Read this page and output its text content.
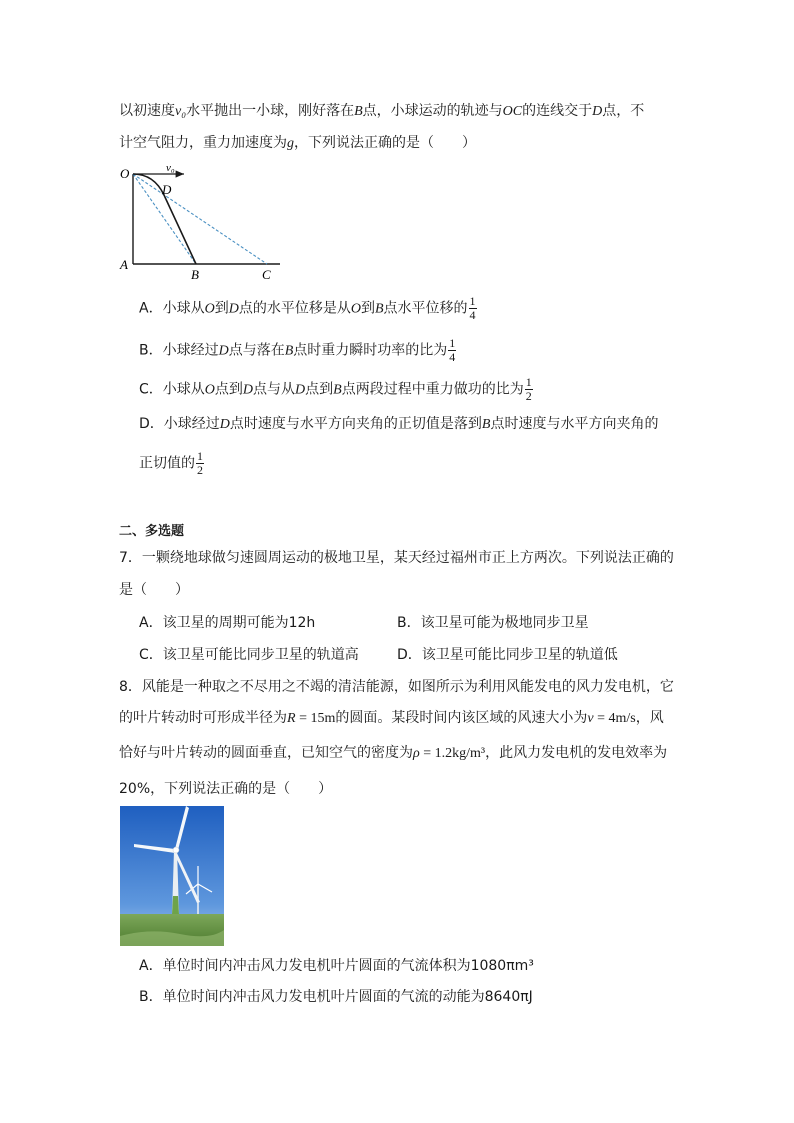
以初速度v₀水平抛出一小球，刚好落在B点，小球运动的轨迹与OC的连线交于D点，不
计空气阻力，重力加速度为g，下列说法正确的是（　　）
O
A
B	C
D
v₀
A．小球从O到D点的水平位移是从O到B点水平位移的 $\frac{1}{4}$
B．小球经过D点与落在B点时重力瞬时功率的比为 $\frac{1}{4}$
C．小球从O点到D点与从D点到B点两段过程中重力做功的比为 $\frac{1}{2}$
D．小球经过D点时速度与水平方向夹角的正切值是落到B点时速度与水平方向夹角的
正切值的 $\frac{1}{2}$
二、多选题
7．一颗绕地球做匀速圆周运动的极地卫星，某天经过福州市正上方两次。下列说法正确的
是（　　）
A．该卫星的周期可能为12h	B．该卫星可能为极地同步卫星
C．该卫星可能比同步卫星的轨道高	D．该卫星可能比同步卫星的轨道低
8．风能是一种取之不尽用之不竭的清洁能源，如图所示为利用风能发电的风力发电机，它
的叶片转动时可形成半径为R = 15m的圆面。某段时间内该区域的风速大小为v = 4m/s，风
恰好与叶片转动的圆面垂直，已知空气的密度为ρ = 1.2kg/m³，此风力发电机的发电效率为
20%，下列说法正确的是（　　）
A．单位时间内冲击风力发电机叶片圆面的气流体积为1080πm³
B．单位时间内冲击风力发电机叶片圆面的气流的动能为8640πJ
